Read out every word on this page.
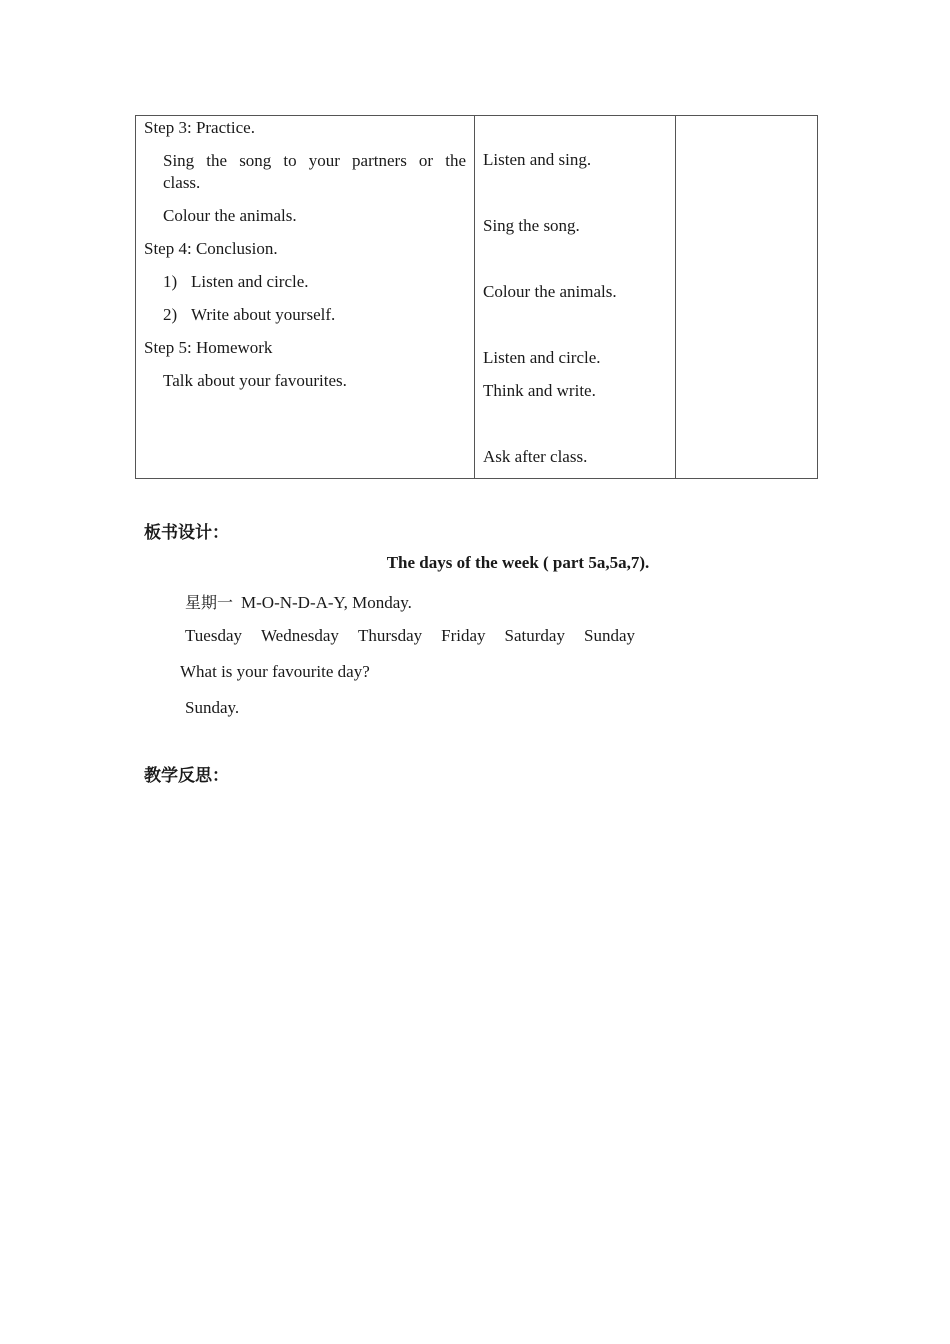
Step 3: Practice.
Sing the song to your partners or the
class.
Colour the animals.
Step 4: Conclusion.
1) Listen and circle.
2) Write about yourself.
Step 5: Homework
Talk about your favourites.

Listen and sing.
Sing the song.
Colour the animals.
Listen and circle.
Think and write.
Ask after class.

板书设计：
The days of the week ( part 5a,5a,7).
星期一 M-O-N-D-A-Y, Monday.
Tuesday Wednesday Thursday Friday Saturday Sunday
What is your favourite day?
Sunday.
教学反思：
